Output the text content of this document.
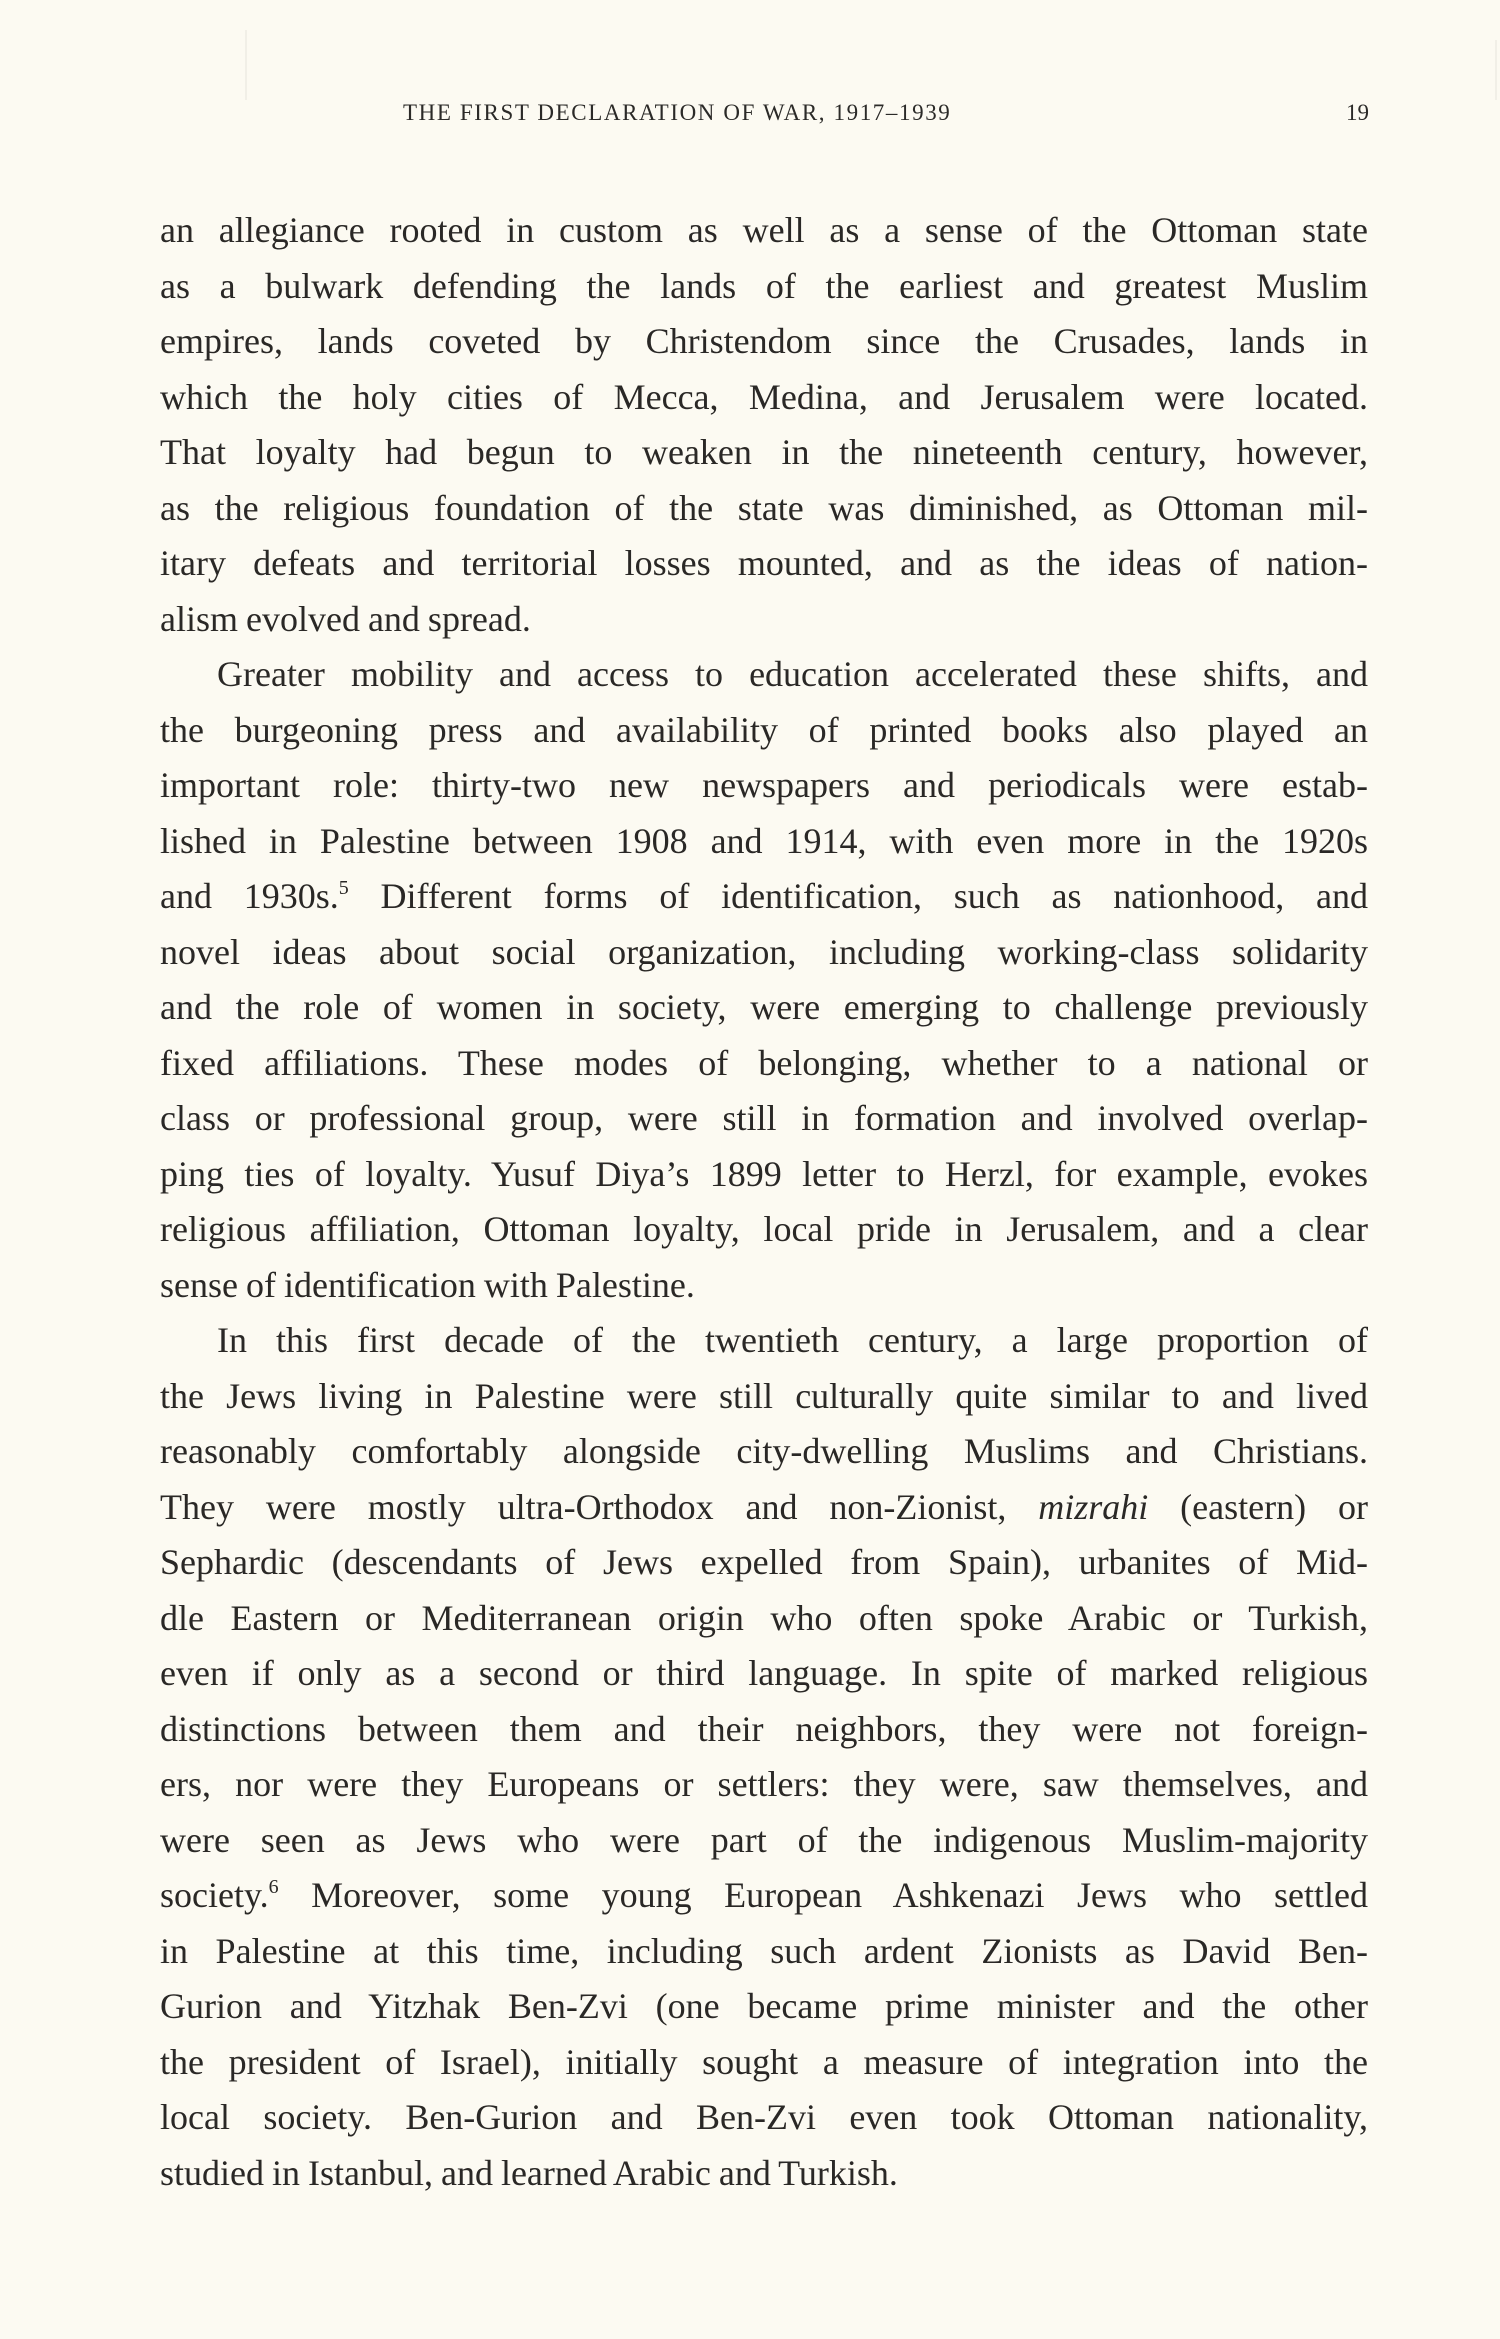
THE FIRST DECLARATION OF WAR, 1917–1939	19
an allegiance rooted in custom as well as a sense of the Ottoman state
as a bulwark defending the lands of the earliest and greatest Muslim
empires, lands coveted by Christendom since the Crusades, lands in
which the holy cities of Mecca, Medina, and Jerusalem were located.
That loyalty had begun to weaken in the nineteenth century, however,
as the religious foundation of the state was diminished, as Ottoman mil-
itary defeats and territorial losses mounted, and as the ideas of nation-
alism evolved and spread.
Greater mobility and access to education accelerated these shifts, and
the burgeoning press and availability of printed books also played an
important role: thirty-two new newspapers and periodicals were estab-
lished in Palestine between 1908 and 1914, with even more in the 1920s
and 1930s.$^5$ Different forms of identification, such as nationhood, and
novel ideas about social organization, including working-class solidarity
and the role of women in society, were emerging to challenge previously
fixed affiliations. These modes of belonging, whether to a national or
class or professional group, were still in formation and involved overlap-
ping ties of loyalty. Yusuf Diya’s 1899 letter to Herzl, for example, evokes
religious affiliation, Ottoman loyalty, local pride in Jerusalem, and a clear
sense of identification with Palestine.
In this first decade of the twentieth century, a large proportion of
the Jews living in Palestine were still culturally quite similar to and lived
reasonably comfortably alongside city-dwelling Muslims and Christians.
They were mostly ultra-Orthodox and non-Zionist, mizrahi (eastern) or
Sephardic (descendants of Jews expelled from Spain), urbanites of Mid-
dle Eastern or Mediterranean origin who often spoke Arabic or Turkish,
even if only as a second or third language. In spite of marked religious
distinctions between them and their neighbors, they were not foreign-
ers, nor were they Europeans or settlers: they were, saw themselves, and
were seen as Jews who were part of the indigenous Muslim-majority
society.$^6$ Moreover, some young European Ashkenazi Jews who settled
in Palestine at this time, including such ardent Zionists as David Ben-
Gurion and Yitzhak Ben-Zvi (one became prime minister and the other
the president of Israel), initially sought a measure of integration into the
local society. Ben-Gurion and Ben-Zvi even took Ottoman nationality,
studied in Istanbul, and learned Arabic and Turkish.
